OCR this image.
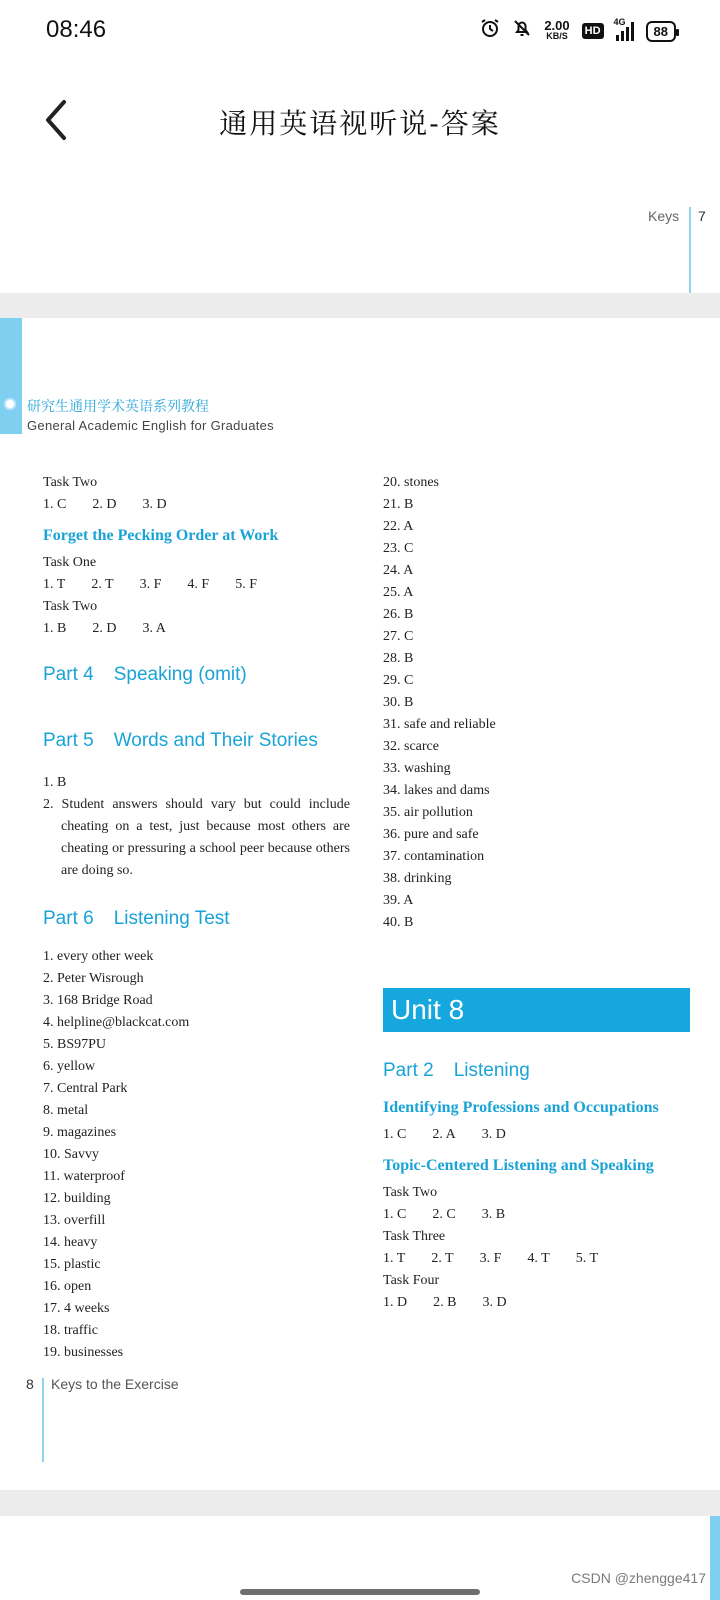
08:46	2.00
KB/S HD
4G
88
通用英语视听说-答案
Keys 7
研究生通用学术英语系列教程
General Academic English for Graduates
Task Two
1. C 2. D 3. D
Forget the Pecking Order at Work
Task One
1. T 2. T 3. F 4. F 5. F
Task Two
1. B 2. D 3. A
Part 4 Speaking (omit)
Part 5 Words and Their Stories
1. B
2. Student answers should vary but could include cheating on a test, just because most others are cheating or pressuring a school peer because others are doing so.
Part 6 Listening Test
1. every other week
2. Peter Wisrough
3. 168 Bridge Road
4. helpline@blackcat.com
5. BS97PU
6. yellow
7. Central Park
8. metal
9. magazines
10. Savvy
11. waterproof
12. building
13. overfill
14. heavy
15. plastic
16. open
17. 4 weeks
18. traffic
19. businesses
20. stones
21. B
22. A
23. C
24. A
25. A
26. B
27. C
28. B
29. C
30. B
31. safe and reliable
32. scarce
33. washing
34. lakes and dams
35. air pollution
36. pure and safe
37. contamination
38. drinking
39. A
40. B
Unit 8
Part 2 Listening
Identifying Professions and Occupations
1. C 2. A 3. D
Topic-Centered Listening and Speaking
Task Two
1. C 2. C 3. B
Task Three
1. T 2. T 3. F 4. T 5. T
Task Four
1. D 2. B 3. D
8 Keys to the Exercise
CSDN @zhengge417
